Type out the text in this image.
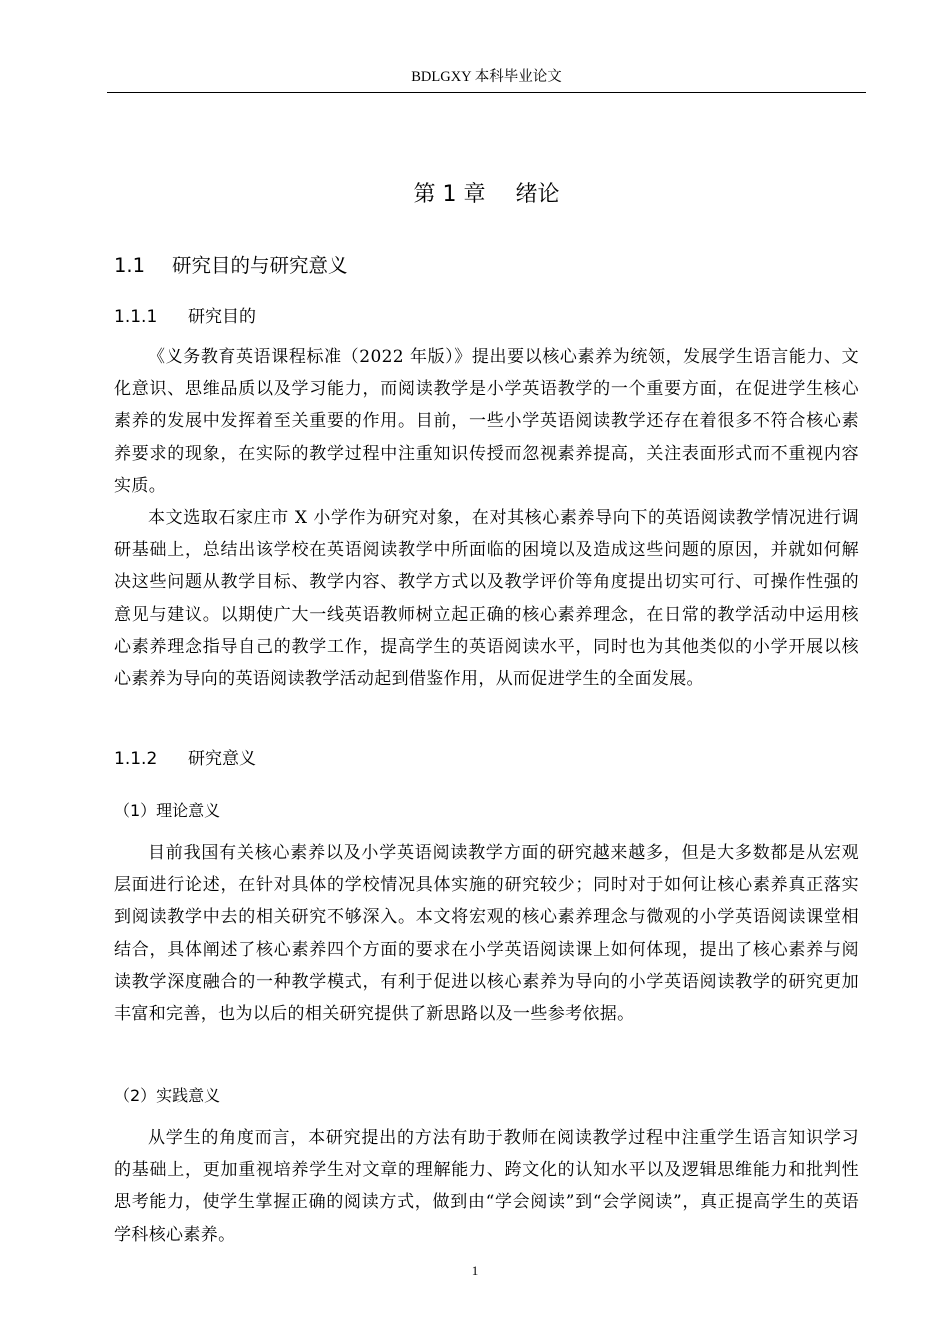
BDLGXY 本科毕业论文
第 1 章 绪论
1.1 研究目的与研究意义
1.1.1 研究目的

《义务教育英语课程标准（2022 年版）》提出要以核心素养为统领，发展学生语言能力、文化意识、思维品质以及学习能力，而阅读教学是小学英语教学的一个重要方面，在促进学生核心素养的发展中发挥着至关重要的作用。目前，一些小学英语阅读教学还存在着很多不符合核心素养要求的现象，在实际的教学过程中注重知识传授而忽视素养提高，关注表面形式而不重视内容实质。

本文选取石家庄市 X 小学作为研究对象，在对其核心素养导向下的英语阅读教学情况进行调研基础上，总结出该学校在英语阅读教学中所面临的困境以及造成这些问题的原因，并就如何解决这些问题从教学目标、教学内容、教学方式以及教学评价等角度提出切实可行、可操作性强的意见与建议。以期使广大一线英语教师树立起正确的核心素养理念，在日常的教学活动中运用核心素养理念指导自己的教学工作，提高学生的英语阅读水平，同时也为其他类似的小学开展以核心素养为导向的英语阅读教学活动起到借鉴作用，从而促进学生的全面发展。

1.1.2 研究意义
（1）理论意义

目前我国有关核心素养以及小学英语阅读教学方面的研究越来越多，但是大多数都是从宏观层面进行论述，在针对具体的学校情况具体实施的研究较少；同时对于如何让核心素养真正落实到阅读教学中去的相关研究不够深入。本文将宏观的核心素养理念与微观的小学英语阅读课堂相结合，具体阐述了核心素养四个方面的要求在小学英语阅读课上如何体现，提出了核心素养与阅读教学深度融合的一种教学模式，有利于促进以核心素养为导向的小学英语阅读教学的研究更加丰富和完善，也为以后的相关研究提供了新思路以及一些参考依据。

（2）实践意义

从学生的角度而言，本研究提出的方法有助于教师在阅读教学过程中注重学生语言知识学习的基础上，更加重视培养学生对文章的理解能力、跨文化的认知水平以及逻辑思维能力和批判性思考能力，使学生掌握正确的阅读方式，做到由“学会阅读”到“会学阅读”，真正提高学生的英语学科核心素养。

1
